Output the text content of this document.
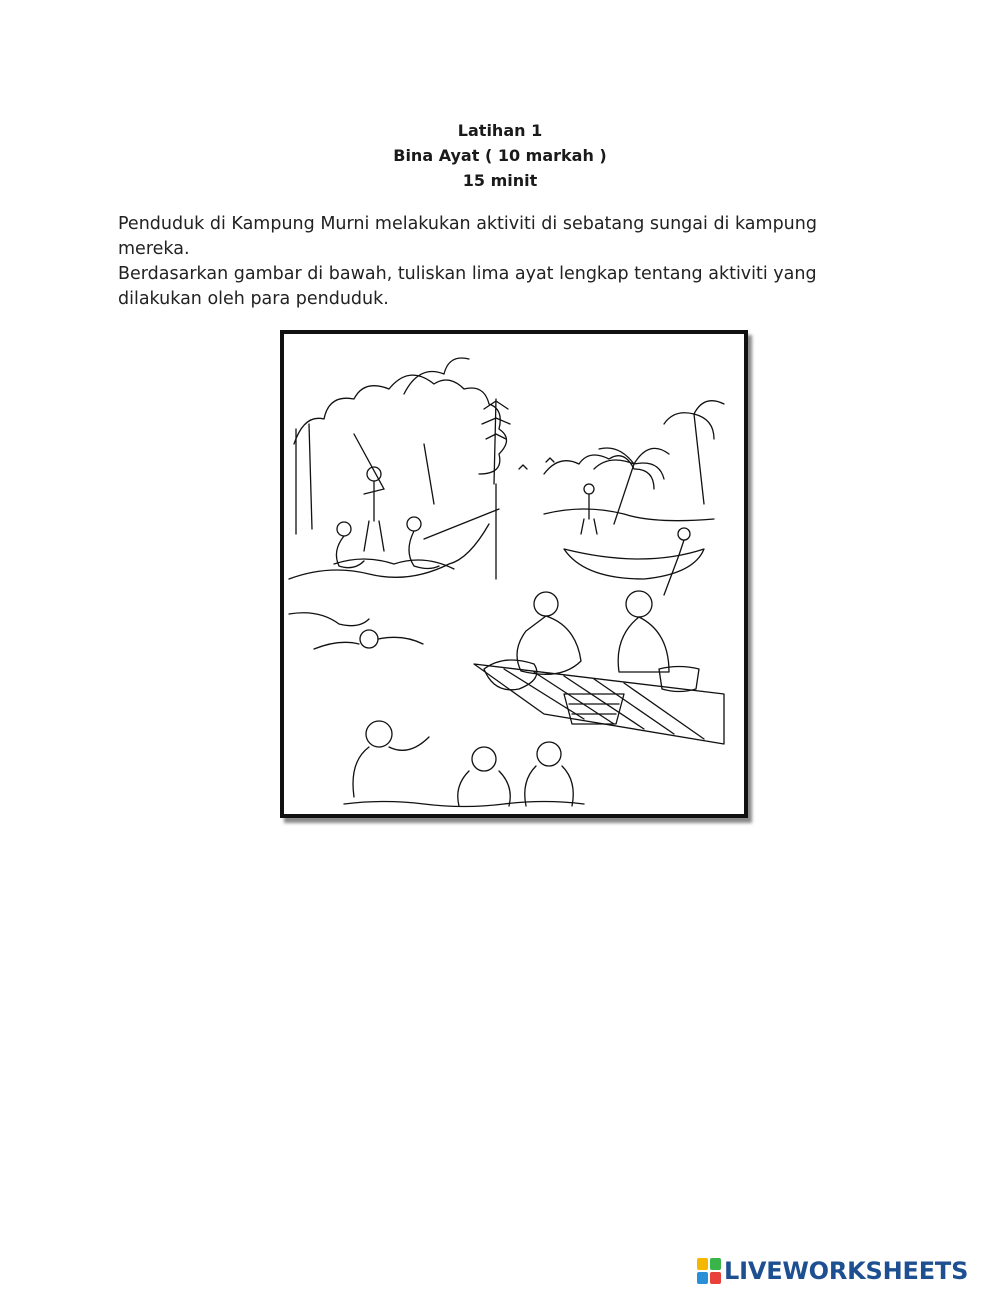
Latihan 1
Bina Ayat ( 10 markah )
15 minit

Penduduk di Kampung Murni melakukan aktiviti di sebatang sungai di kampung mereka.

Berdasarkan gambar di bawah, tuliskan lima ayat lengkap tentang aktiviti yang dilakukan oleh para penduduk.

LIVEWORKSHEETS
